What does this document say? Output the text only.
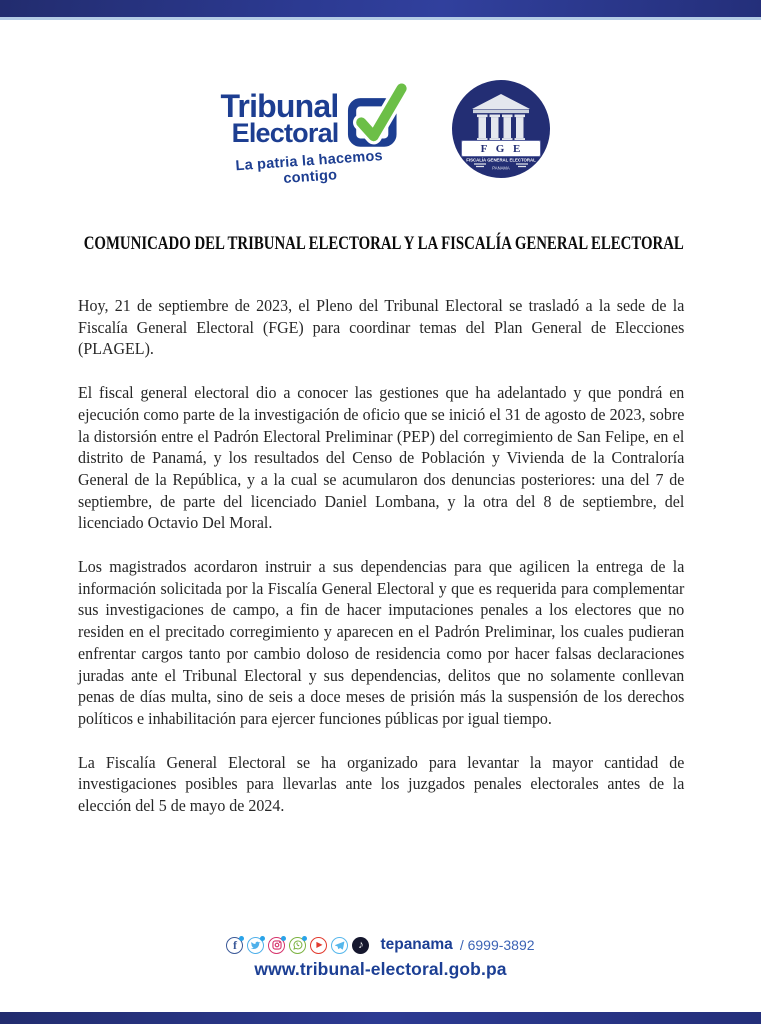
Tribunal
Electoral
La patria la hacemos contigo
F G E
FISCALÍA GENERAL ELECTORAL
PANAMÁ
COMUNICADO DEL TRIBUNAL ELECTORAL Y LA FISCALÍA GENERAL ELECTORAL

Hoy, 21 de septiembre de 2023, el Pleno del Tribunal Electoral se trasladó a la sede de la Fiscalía General Electoral (FGE) para coordinar temas del Plan General de Elecciones (PLAGEL).

El fiscal general electoral dio a conocer las gestiones que ha adelantado y que pondrá en ejecución como parte de la investigación de oficio que se inició el 31 de agosto de 2023, sobre la distorsión entre el Padrón Electoral Preliminar (PEP) del corregimiento de San Felipe, en el distrito de Panamá, y los resultados del Censo de Población y Vivienda de la Contraloría General de la República, y a la cual se acumularon dos denuncias posteriores: una del 7 de septiembre, de parte del licenciado Daniel Lombana, y la otra del 8 de septiembre, del licenciado Octavio Del Moral.

Los magistrados acordaron instruir a sus dependencias para que agilicen la entrega de la información solicitada por la Fiscalía General Electoral y que es requerida para complementar sus investigaciones de campo, a fin de hacer imputaciones penales a los electores que no residen en el precitado corregimiento y aparecen en el Padrón Preliminar, los cuales pudieran enfrentar cargos tanto por cambio doloso de residencia como por hacer falsas declaraciones juradas ante el Tribunal Electoral y sus dependencias, delitos que no solamente conllevan penas de días multa, sino de seis a doce meses de prisión más la suspensión de los derechos políticos e inhabilitación para ejercer funciones públicas por igual tiempo.

La Fiscalía General Electoral se ha organizado para levantar la mayor cantidad de investigaciones posibles para llevarlas ante los juzgados penales electorales antes de la elección del 5 de mayo de 2024.

f	▶	♪ tepanama / 6999-3892
www.tribunal-electoral.gob.pa
